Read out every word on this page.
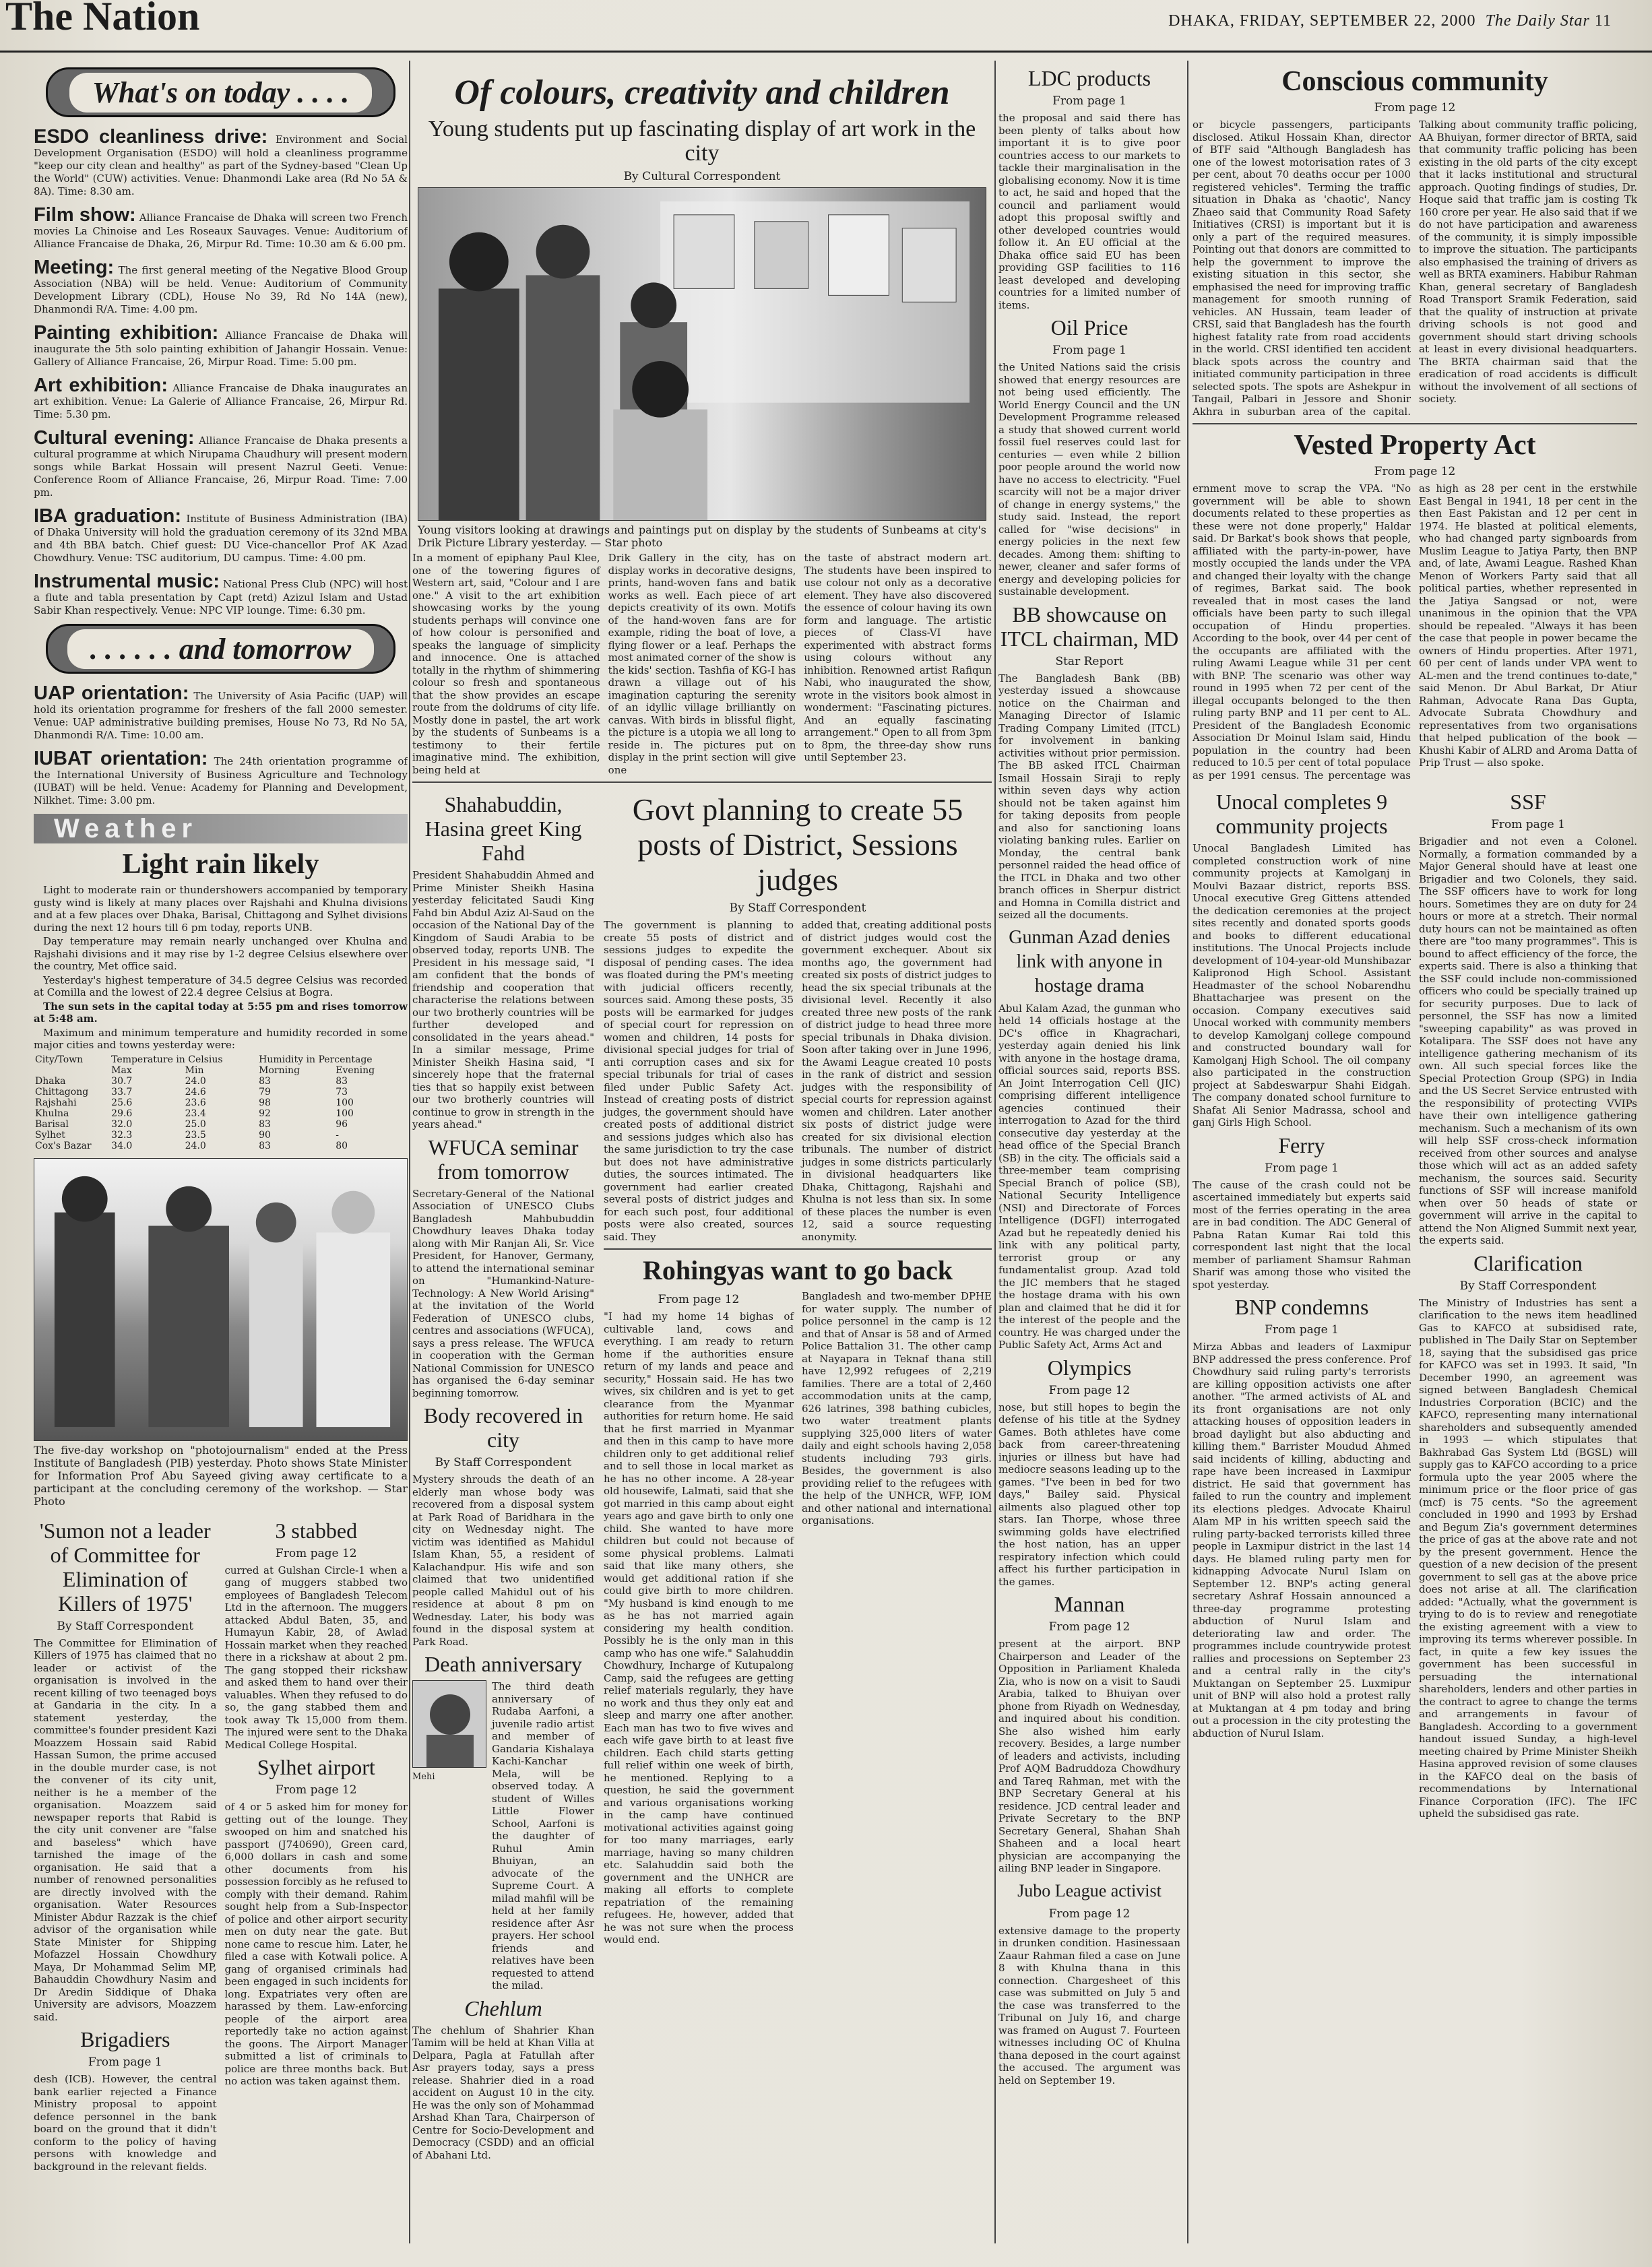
The Nation	DHAKA, FRIDAY, SEPTEMBER 22, 2000 The Daily Star 11
What's on today . . . .
ESDO cleanliness drive: Environment and Social Development Organisation (ESDO) will hold a cleanliness programme "keep our city clean and healthy" as part of the Sydney-based "Clean Up the World" (CUW) activities. Venue: Dhanmondi Lake area (Rd No 5A & 8A). Time: 8.30 am.
Film show: Alliance Francaise de Dhaka will screen two French movies La Chinoise and Les Roseaux Sauvages. Venue: Auditorium of Alliance Francaise de Dhaka, 26, Mirpur Rd. Time: 10.30 am & 6.00 pm.
Meeting: The first general meeting of the Negative Blood Group Association (NBA) will be held. Venue: Auditorium of Community Development Library (CDL), House No 39, Rd No 14A (new), Dhanmondi R/A. Time: 4.00 pm.
Painting exhibition: Alliance Francaise de Dhaka will inaugurate the 5th solo painting exhibition of Jahangir Hossain. Venue: Gallery of Alliance Francaise, 26, Mirpur Road. Time: 5.00 pm.
Art exhibition: Alliance Francaise de Dhaka inaugurates an art exhibition. Venue: La Galerie of Alliance Francaise, 26, Mirpur Rd. Time: 5.30 pm.
Cultural evening: Alliance Francaise de Dhaka presents a cultural programme at which Nirupama Chaudhury will present modern songs while Barkat Hossain will present Nazrul Geeti. Venue: Conference Room of Alliance Francaise, 26, Mirpur Road. Time: 7.00 pm.
IBA graduation: Institute of Business Administration (IBA) of Dhaka University will hold the graduation ceremony of its 32nd MBA and 4th BBA batch. Chief guest: DU Vice-chancellor Prof AK Azad Chowdhury. Venue: TSC auditorium, DU campus. Time: 4.00 pm.
Instrumental music: National Press Club (NPC) will host a flute and tabla presentation by Capt (retd) Azizul Islam and Ustad Sabir Khan respectively. Venue: NPC VIP lounge. Time: 6.30 pm.
. . . . . . and tomorrow
UAP orientation: The University of Asia Pacific (UAP) will hold its orientation programme for freshers of the fall 2000 semester. Venue: UAP administrative building premises, House No 73, Rd No 5A, Dhanmondi R/A. Time: 10.00 am.
IUBAT orientation: The 24th orientation programme of the International University of Business Agriculture and Technology (IUBAT) will be held. Venue: Academy for Planning and Development, Nilkhet. Time: 3.00 pm.
Weather
Light rain likely

Light to moderate rain or thundershowers accompanied by temporary gusty wind is likely at many places over Rajshahi and Khulna divisions and at a few places over Dhaka, Barisal, Chittagong and Sylhet divisions during the next 12 hours till 6 pm today, reports UNB.

Day temperature may remain nearly unchanged over Khulna and Rajshahi divisions and it may rise by 1-2 degree Celsius elsewhere over the country, Met office said.

Yesterday's highest temperature of 34.5 degree Celsius was recorded at Comilla and the lowest of 22.4 degree Celsius at Bogra.

The sun sets in the capital today at 5:55 pm and rises tomorrow at 5:48 am.

Maximum and minimum temperature and humidity recorded in some major cities and towns yesterday were:

City/Town	Temperature in Celsius		Humidity in Percentage	
	Max	Min	Morning	Evening
Dhaka	30.7	24.0	83	83
Chittagong	33.7	24.6	79	73
Rajshahi	25.6	23.6	98	100
Khulna	29.6	23.4	92	100
Barisal	32.0	25.0	83	96
Sylhet	32.3	23.5	90	-
Cox's Bazar	34.0	24.0	83	80
The five-day workshop on "photojournalism" ended at the Press Institute of Bangladesh (PIB) yesterday. Photo shows State Minister for Information Prof Abu Sayeed giving away certificate to a participant at the concluding ceremony of the workshop. — Star Photo
'Sumon not a leader of Committee for Elimination of Killers of 1975'
By Staff Correspondent
The Committee for Elimination of Killers of 1975 has claimed that no leader or activist of the organisation is involved in the recent killing of two teenaged boys at Gandaria in the city. In a statement yesterday, the committee's founder president Kazi Moazzem Hossain said Rabid Hassan Sumon, the prime accused in the double murder case, is not the convener of its city unit, neither is he a member of the organisation. Moazzem said newspaper reports that Rabid is the city unit convener are "false and baseless" which have tarnished the image of the organisation. He said that a number of renowned personalities are directly involved with the organisation. Water Resources Minister Abdur Razzak is the chief advisor of the organisation while State Minister for Shipping Mofazzel Hossain Chowdhury Maya, Dr Mohammad Selim MP, Bahauddin Chowdhury Nasim and Dr Aredin Siddique of Dhaka University are advisors, Moazzem said.
Brigadiers
From page 1
desh (ICB). However, the central bank earlier rejected a Finance Ministry proposal to appoint defence personnel in the bank board on the ground that it didn't conform to the policy of having persons with knowledge and background in the relevant fields.
3 stabbed
From page 12
curred at Gulshan Circle-1 when a gang of muggers stabbed two employees of Bangladesh Telecom Ltd in the afternoon. The muggers attacked Abdul Baten, 35, and Humayun Kabir, 28, of Awlad Hossain market when they reached there in a rickshaw at about 2 pm. The gang stopped their rickshaw and asked them to hand over their valuables. When they refused to do so, the gang stabbed them and took away Tk 15,000 from them. The injured were sent to the Dhaka Medical College Hospital.
Sylhet airport
From page 12
of 4 or 5 asked him for money for getting out of the lounge. They swooped on him and snatched his passport (J740690), Green card, 6,000 dollars in cash and some other documents from his possession forcibly as he refused to comply with their demand. Rahim sought help from a Sub-Inspector of police and other airport security men on duty near the gate. But none came to rescue him. Later, he filed a case with Kotwali police. A gang of organised criminals had been engaged in such incidents for long. Expatriates very often are harassed by them. Law-enforcing people of the airport area reportedly take no action against the goons. The Airport Manager submitted a list of criminals to police are three months back. But no action was taken against them.
Of colours, creativity and children
Young students put up fascinating display of art work in the city
By Cultural Correspondent
Young visitors looking at drawings and paintings put on display by the students of Sunbeams at city's Drik Picture Library yesterday. — Star photo
In a moment of epiphany Paul Klee, one of the towering figures of Western art, said, "Colour and I are one." A visit to the art exhibition showcasing works by the young students perhaps will convince one of how colour is personified and speaks the language of simplicity and innocence. One is attached totally in the rhythm of shimmering colour so fresh and spontaneous that the show provides an escape route from the doldrums of city life. Mostly done in pastel, the art work by the students of Sunbeams is a testimony to their fertile imaginative mind. The exhibition, being held at
Drik Gallery in the city, has on display works in decorative designs, prints, hand-woven fans and batik works as well. Each piece of art depicts creativity of its own. Motifs of the hand-woven fans are for example, riding the boat of love, a flying flower or a leaf. Perhaps the most animated corner of the show is the kids' section. Tashfia of KG-I has drawn a village out of his imagination capturing the serenity of an idyllic village brilliantly on canvas. With birds in blissful flight, the picture is a utopia we all long to reside in. The pictures put on display in the print section will give one
the taste of abstract modern art. The students have been inspired to use colour not only as a decorative element. They have also discovered the essence of colour having its own form and language. The artistic pieces of Class-VI have experimented with abstract forms using colours without any inhibition. Renowned artist Rafiqun Nabi, who inaugurated the show, wrote in the visitors book almost in wonderment: "Fascinating pictures. And an equally fascinating arrangement." Open to all from 3pm to 8pm, the three-day show runs until September 23.
Shahabuddin, Hasina greet King Fahd
President Shahabuddin Ahmed and Prime Minister Sheikh Hasina yesterday felicitated Saudi King Fahd bin Abdul Aziz Al-Saud on the occasion of the National Day of the Kingdom of Saudi Arabia to be observed today, reports UNB. The President in his message said, "I am confident that the bonds of friendship and cooperation that characterise the relations between our two brotherly countries will be further developed and consolidated in the years ahead." In a similar message, Prime Minister Sheikh Hasina said, "I sincerely hope that the fraternal ties that so happily exist between our two brotherly countries will continue to grow in strength in the years ahead."
WFUCA seminar from tomorrow
Secretary-General of the National Association of UNESCO Clubs Bangladesh Mahbubuddin Chowdhury leaves Dhaka today along with Mir Ranjan Ali, Sr. Vice President, for Hanover, Germany, to attend the international seminar on "Humankind-Nature-Technology: A New World Arising" at the invitation of the World Federation of UNESCO clubs, centres and associations (WFUCA), says a press release. The WFUCA in cooperation with the German National Commission for UNESCO has organised the 6-day seminar beginning tomorrow.
Body recovered in city
By Staff Correspondent
Mystery shrouds the death of an elderly man whose body was recovered from a disposal system at Park Road of Baridhara in the city on Wednesday night. The victim was identified as Mahidul Islam Khan, 55, a resident of Kalachandpur. His wife and son claimed that two unidentified people called Mahidul out of his residence at about 8 pm on Wednesday. Later, his body was found in the disposal system at Park Road.
Death anniversary
Mehi
The third death anniversary of Rudaba Aarfoni, a juvenile radio artist and member of Gandaria Kishalaya Kachi-Kanchar Mela, will be observed today. A student of Willes Little Flower School, Aarfoni is the daughter of Ruhul Amin Bhuiyan, an advocate of the Supreme Court. A milad mahfil will be held at her family residence after Asr prayers. Her school friends and relatives have been requested to attend the milad.
Chehlum
The chehlum of Shahrier Khan Tamim will be held at Khan Villa at Delpara, Pagla at Fatullah after Asr prayers today, says a press release. Shahrier died in a road accident on August 10 in the city. He was the only son of Mohammad Arshad Khan Tara, Chairperson of Centre for Socio-Development and Democracy (CSDD) and an official of Abahani Ltd.
Govt planning to create 55 posts of District, Sessions judges
By Staff Correspondent
The government is planning to create 55 posts of district and sessions judges to expedite the disposal of pending cases. The idea was floated during the PM's meeting with judicial officers recently, sources said. Among these posts, 35 posts will be earmarked for judges of special court for repression on women and children, 14 posts for divisional special judges for trial of anti corruption cases and six for special tribunals for trial of cases filed under Public Safety Act. Instead of creating posts of district judges, the government should have created posts of additional district and sessions judges which also has the same jurisdiction to try the case but does not have administrative duties, the sources intimated. The government had earlier created several posts of district judges and for each such post, four additional posts were also created, sources said. They
added that, creating additional posts of district judges would cost the government exchequer. About six months ago, the government had created six posts of district judges to head the six special tribunals at the divisional level. Recently it also created three new posts of the rank of district judge to head three more special tribunals in Dhaka division. Soon after taking over in June 1996, the Awami League created 10 posts in the rank of district and session judges with the responsibility of special courts for repression against women and children. Later another six posts of district judge were created for six divisional election tribunals. The number of district judges in some districts particularly in divisional headquarters like Dhaka, Chittagong, Rajshahi and Khulna is not less than six. In some of these places the number is even 12, said a source requesting anonymity.
Rohingyas want to go back
From page 12
"I had my home 14 bighas of cultivable land, cows and everything. I am ready to return home if the authorities ensure return of my lands and peace and security," Hossain said. He has two wives, six children and is yet to get clearance from the Myanmar authorities for return home. He said that he first married in Myanmar and then in this camp to have more children only to get additional relief and to sell those in local market as he has no other income. A 28-year old housewife, Lalmati, said that she got married in this camp about eight years ago and gave birth to only one child. She wanted to have more children but could not because of some physical problems. Lalmati said that like many others, she would get additional ration if she could give birth to more children. "My husband is kind enough to me as he has not married again considering my health condition. Possibly he is the only man in this camp who has one wife." Salahuddin Chowdhury, Incharge of Kutupalong Camp, said the refugees are getting relief materials regularly, they have no work and thus they only eat and sleep and marry one after another. Each man has two to five wives and each wife gave birth to at least five children. Each child starts getting full relief within one week of birth, he mentioned. Replying to a question, he said the government and various organisations working in the camp have continued motivational activities against going for too many marriages, early marriage, having so many children etc. Salahuddin said both the government and the UNHCR are making all efforts to complete repatriation of the remaining refugees. He, however, added that he was not sure when the process would end.
Bangladesh and two-member DPHE for water supply. The number of police personnel in the camp is 12 and that of Ansar is 58 and of Armed Police Battalion 31. The other camp at Nayapara in Teknaf thana still have 12,992 refugees of 2,219 families. There are a total of 2,460 accommodation units at the camp, 626 latrines, 398 bathing cubicles, two water treatment plants supplying 325,000 liters of water daily and eight schools having 2,058 students including 793 girls. Besides, the government is also providing relief to the refugees with the help of the UNHCR, WFP, IOM and other national and international organisations.
LDC products
From page 1
the proposal and said there has been plenty of talks about how important it is to give poor countries access to our markets to tackle their marginalisation in the globalising economy. Now it is time to act, he said and hoped that the council and parliament would adopt this proposal swiftly and other developed countries would follow it. An EU official at the Dhaka office said EU has been providing GSP facilities to 116 least developed and developing countries for a limited number of items.
Oil Price
From page 1
the United Nations said the crisis showed that energy resources are not being used efficiently. The World Energy Council and the UN Development Programme released a study that showed current world fossil fuel reserves could last for centuries — even while 2 billion poor people around the world now have no access to electricity. "Fuel scarcity will not be a major driver of change in energy systems," the study said. Instead, the report called for "wise decisions" in energy policies in the next few decades. Among them: shifting to newer, cleaner and safer forms of energy and developing policies for sustainable development.
BB showcause on ITCL chairman, MD
Star Report
The Bangladesh Bank (BB) yesterday issued a showcause notice on the Chairman and Managing Director of Islamic Trading Company Limited (ITCL) for involvement in banking activities without prior permission. The BB asked ITCL Chairman Ismail Hossain Siraji to reply within seven days why action should not be taken against him for taking deposits from people and also for sanctioning loans violating banking rules. Earlier on Monday, the central bank personnel raided the head office of the ITCL in Dhaka and two other branch offices in Sherpur district and Homna in Comilla district and seized all the documents.
Gunman Azad denies link with anyone in hostage drama
Abul Kalam Azad, the gunman who held 14 officials hostage at the DC's office in Khagrachari, yesterday again denied his link with anyone in the hostage drama, official sources said, reports BSS. An Joint Interrogation Cell (JIC) comprising different intelligence agencies continued their interrogation to Azad for the third consecutive day yesterday at the head office of the Special Branch (SB) in the city. The officials said a three-member team comprising Special Branch of police (SB), National Security Intelligence (NSI) and Directorate of Forces Intelligence (DGFI) interrogated Azad but he repeatedly denied his link with any political party, terrorist group or any fundamentalist group. Azad told the JIC members that he staged the hostage drama with his own plan and claimed that he did it for the interest of the people and the country. He was charged under the Public Safety Act, Arms Act and
Olympics
From page 12
nose, but still hopes to begin the defense of his title at the Sydney Games. Both athletes have come back from career-threatening injuries or illness but have had mediocre seasons leading up to the games. "I've been in bed for two days," Bailey said. Physical ailments also plagued other top stars. Ian Thorpe, whose three swimming golds have electrified the host nation, has an upper respiratory infection which could affect his further participation in the games.
Mannan
From page 12
present at the airport. BNP Chairperson and Leader of the Opposition in Parliament Khaleda Zia, who is now on a visit to Saudi Arabia, talked to Bhuiyan over phone from Riyadh on Wednesday, and inquired about his condition. She also wished him early recovery. Besides, a large number of leaders and activists, including Prof AQM Badruddoza Chowdhury and Tareq Rahman, met with the BNP Secretary General at his residence. JCD central leader and Private Secretary to the BNP Secretary General, Shahan Shah Shaheen and a local heart physician are accompanying the ailing BNP leader in Singapore.
Jubo League activist
From page 12
extensive damage to the property in drunken condition. Hasinessaan Zaaur Rahman filed a case on June 8 with Khulna thana in this connection. Chargesheet of this case was submitted on July 5 and the case was transferred to the Tribunal on July 16, and charge was framed on August 7. Fourteen witnesses including OC of Khulna thana deposed in the court against the accused. The argument was held on September 19.
Conscious community
From page 12
or bicycle passengers, participants disclosed. Atikul Hossain Khan, director of BTF said "Although Bangladesh has one of the lowest motorisation rates of 3 per cent, about 70 deaths occur per 1000 registered vehicles". Terming the traffic situation in Dhaka as 'chaotic', Nancy Zhaeo said that Community Road Safety Initiatives (CRSI) is important but it is only a part of the required measures. Pointing out that donors are committed to help the government to improve the existing situation in this sector, she emphasised the need for improving traffic management for smooth running of vehicles. AN Hussain, team leader of CRSI, said that Bangladesh has the fourth highest fatality rate from road accidents in the world. CRSI identified ten accident black spots across the country and initiated community participation in three selected spots. The spots are Ashekpur in Tangail, Palbari in Jessore and Shonir Akhra in suburban area of the capital. Talking about community traffic policing, AA Bhuiyan, former director of BRTA, said that community traffic policing has been existing in the old parts of the city except that it lacks institutional and structural approach. Quoting findings of studies, Dr. Hoque said that traffic jam is costing Tk 160 crore per year. He also said that if we do not have participation and awareness of the community, it is simply impossible to improve the situation. The participants also emphasised the training of drivers as well as BRTA examiners. Habibur Rahman Khan, general secretary of Bangladesh Road Transport Sramik Federation, said that the quality of instruction at private driving schools is not good and government should start driving schools at least in every divisional headquarters. The BRTA chairman said that the eradication of road accidents is difficult without the involvement of all sections of society.
Vested Property Act
From page 12
ernment move to scrap the VPA. "No government will be able to shown documents related to these properties as these were not done properly," Haldar said. Dr Barkat's book shows that people, affiliated with the party-in-power, have mostly occupied the lands under the VPA and changed their loyalty with the change of regimes, Barkat said. The book revealed that in most cases the land officials have been party to such illegal occupation of Hindu properties. According to the book, over 44 per cent of the occupants are affiliated with the ruling Awami League while 31 per cent with BNP. The scenario was other way round in 1995 when 72 per cent of the illegal occupants belonged to the then ruling party BNP and 11 per cent to AL. President of the Bangladesh Economic Association Dr Moinul Islam said, Hindu population in the country had been reduced to 10.5 per cent of total populace as per 1991 census. The percentage was as high as 28 per cent in the erstwhile East Bengal in 1941, 18 per cent in the then East Pakistan and 12 per cent in 1974. He blasted at political elements, who had changed party signboards from Muslim League to Jatiya Party, then BNP and, of late, Awami League. Rashed Khan Menon of Workers Party said that all political parties, whether represented in the Jatiya Sangsad or not, were unanimous in the opinion that the VPA should be repealed. "Always it has been the case that people in power became the owners of Hindu properties. After 1971, 60 per cent of lands under VPA went to AL-men and the trend continues to-date," said Menon. Dr Abul Barkat, Dr Atiur Rahman, Advocate Rana Das Gupta, Advocate Subrata Chowdhury and representatives from two organisations that helped publication of the book — Khushi Kabir of ALRD and Aroma Datta of Prip Trust — also spoke.
Unocal completes 9 community projects
Unocal Bangladesh Limited has completed construction work of nine community projects at Kamolganj in Moulvi Bazaar district, reports BSS. Unocal executive Greg Gittens attended the dedication ceremonies at the project sites recently and donated sports goods and books to different educational institutions. The Unocal Projects include development of 104-year-old Munshibazar Kalipronod High School. Assistant Headmaster of the school Nobarendhu Bhattacharjee was present on the occasion. Company executives said Unocal worked with community members to develop Kamolganj college compound and constructed boundary wall for Kamolganj High School. The oil company also participated in the construction project at Sabdeswarpur Shahi Eidgah. The company donated school furniture to Shafat Ali Senior Madrassa, school and ganj Girls High School.
Ferry
From page 1
The cause of the crash could not be ascertained immediately but experts said most of the ferries operating in the area are in bad condition. The ADC General of Pabna Ratan Kumar Rai told this correspondent last night that the local member of parliament Shamsur Rahman Sharif was among those who visited the spot yesterday.
BNP condemns
From page 1
Mirza Abbas and leaders of Laxmipur BNP addressed the press conference. Prof Chowdhury said ruling party's terrorists are killing opposition activists one after another. "The armed activists of AL and its front organisations are not only attacking houses of opposition leaders in broad daylight but also abducting and killing them." Barrister Moudud Ahmed said incidents of killing, abducting and rape have been increased in Laxmipur district. He said that government has failed to run the country and implement its elections pledges. Advocate Khairul Alam MP in his written speech said the ruling party-backed terrorists killed three people in Laxmipur district in the last 14 days. He blamed ruling party men for kidnapping Advocate Nurul Islam on September 12. BNP's acting general secretary Ashraf Hossain announced a three-day programme protesting abduction of Nurul Islam and deteriorating law and order. The programmes include countrywide protest rallies and processions on September 23 and a central rally in the city's Muktangan on September 25. Luxmipur unit of BNP will also hold a protest rally at Muktangan at 4 pm today and bring out a procession in the city protesting the abduction of Nurul Islam.
SSF
From page 1
Brigadier and not even a Colonel. Normally, a formation commanded by a Major General should have at least one Brigadier and two Colonels, they said. The SSF officers have to work for long hours. Sometimes they are on duty for 24 hours or more at a stretch. Their normal duty hours can not be maintained as often there are "too many programmes". This is bound to affect efficiency of the force, the experts said. There is also a thinking that the SSF could include non-commissioned officers who could be specially trained up for security purposes. Due to lack of personnel, the SSF has now a limited "sweeping capability" as was proved in Kotalipara. The SSF does not have any intelligence gathering mechanism of its own. All such special forces like the Special Protection Group (SPG) in India and the US Secret Service entrusted with the responsibility of protecting VVIPs have their own intelligence gathering mechanism. Such a mechanism of its own will help SSF cross-check information received from other sources and analyse those which will act as an added safety mechanism, the sources said. Security functions of SSF will increase manifold when over 50 heads of state or government will arrive in the capital to attend the Non Aligned Summit next year, the experts said.
Clarification
By Staff Correspondent
The Ministry of Industries has sent a clarification to the news item headlined Gas to KAFCO at subsidised rate, published in The Daily Star on September 18, saying that the subsidised gas price for KAFCO was set in 1993. It said, "In December 1990, an agreement was signed between Bangladesh Chemical Industries Corporation (BCIC) and the KAFCO, representing many international shareholders and subsequently amended in 1993 — which stipulates that Bakhrabad Gas System Ltd (BGSL) will supply gas to KAFCO according to a price formula upto the year 2005 where the minimum price or the floor price of gas (mcf) is 75 cents. "So the agreement concluded in 1990 and 1993 by Ershad and Begum Zia's government determines the price of gas at the above rate and not by the present government. Hence the question of a new decision of the present government to sell gas at the above price does not arise at all. The clarification added: "Actually, what the government is trying to do is to review and renegotiate the existing agreement with a view to improving its terms wherever possible. In fact, in quite a few key issues the government has been successful in persuading the international shareholders, lenders and other parties in the contract to agree to change the terms and arrangements in favour of Bangladesh. According to a government handout issued Sunday, a high-level meeting chaired by Prime Minister Sheikh Hasina approved revision of some clauses in the KAFCO deal on the basis of recommendations by International Finance Corporation (IFC). The IFC upheld the subsidised gas rate.
